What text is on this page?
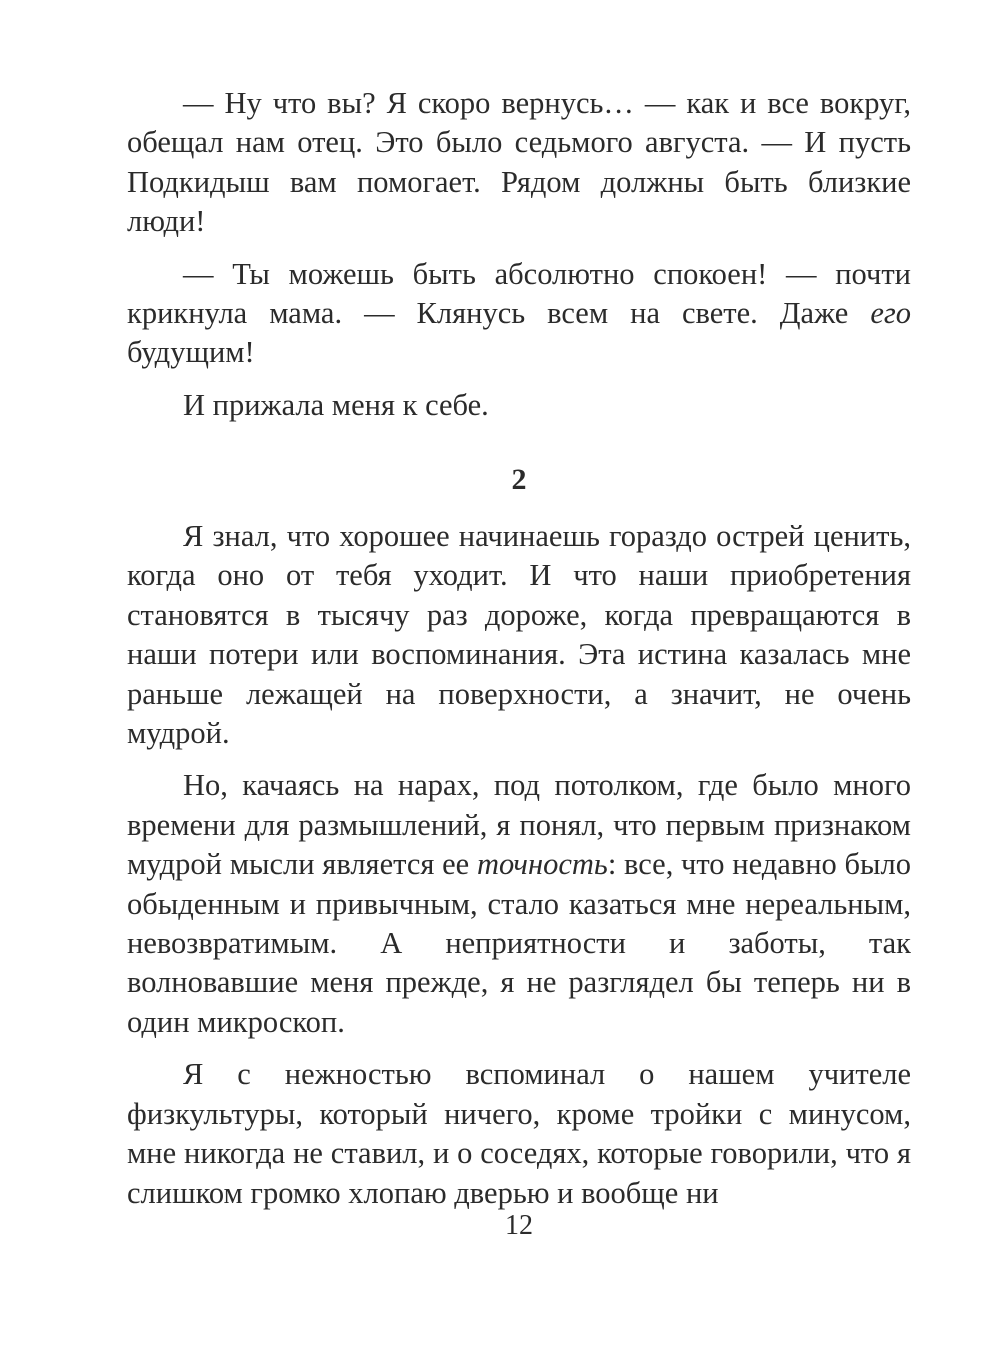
— Ну что вы? Я скоро вернусь… — как и все вокруг, обещал нам отец. Это было седьмого августа. — И пусть Подкидыш вам помогает. Рядом должны быть близкие люди!

— Ты можешь быть абсолютно спокоен! — почти крикнула мама. — Клянусь всем на свете. Даже его будущим!

И прижала меня к себе.

2

Я знал, что хорошее начинаешь гораздо острей ценить, когда оно от тебя уходит. И что наши приобретения становятся в тысячу раз дороже, когда превращаются в наши потери или воспоминания. Эта истина казалась мне раньше лежащей на поверхности, а значит, не очень мудрой.

Но, качаясь на нарах, под потолком, где было много времени для размышлений, я понял, что первым признаком мудрой мысли является ее точность: все, что недавно было обыденным и привычным, стало казаться мне нереальным, невозвратимым. А неприятности и заботы, так волновавшие меня прежде, я не разглядел бы теперь ни в один микроскоп.

Я с нежностью вспоминал о нашем учителе физкультуры, который ничего, кроме тройки с минусом, мне никогда не ставил, и о соседях, которые говорили, что я слишком громко хлопаю дверью и вообще ни

12
